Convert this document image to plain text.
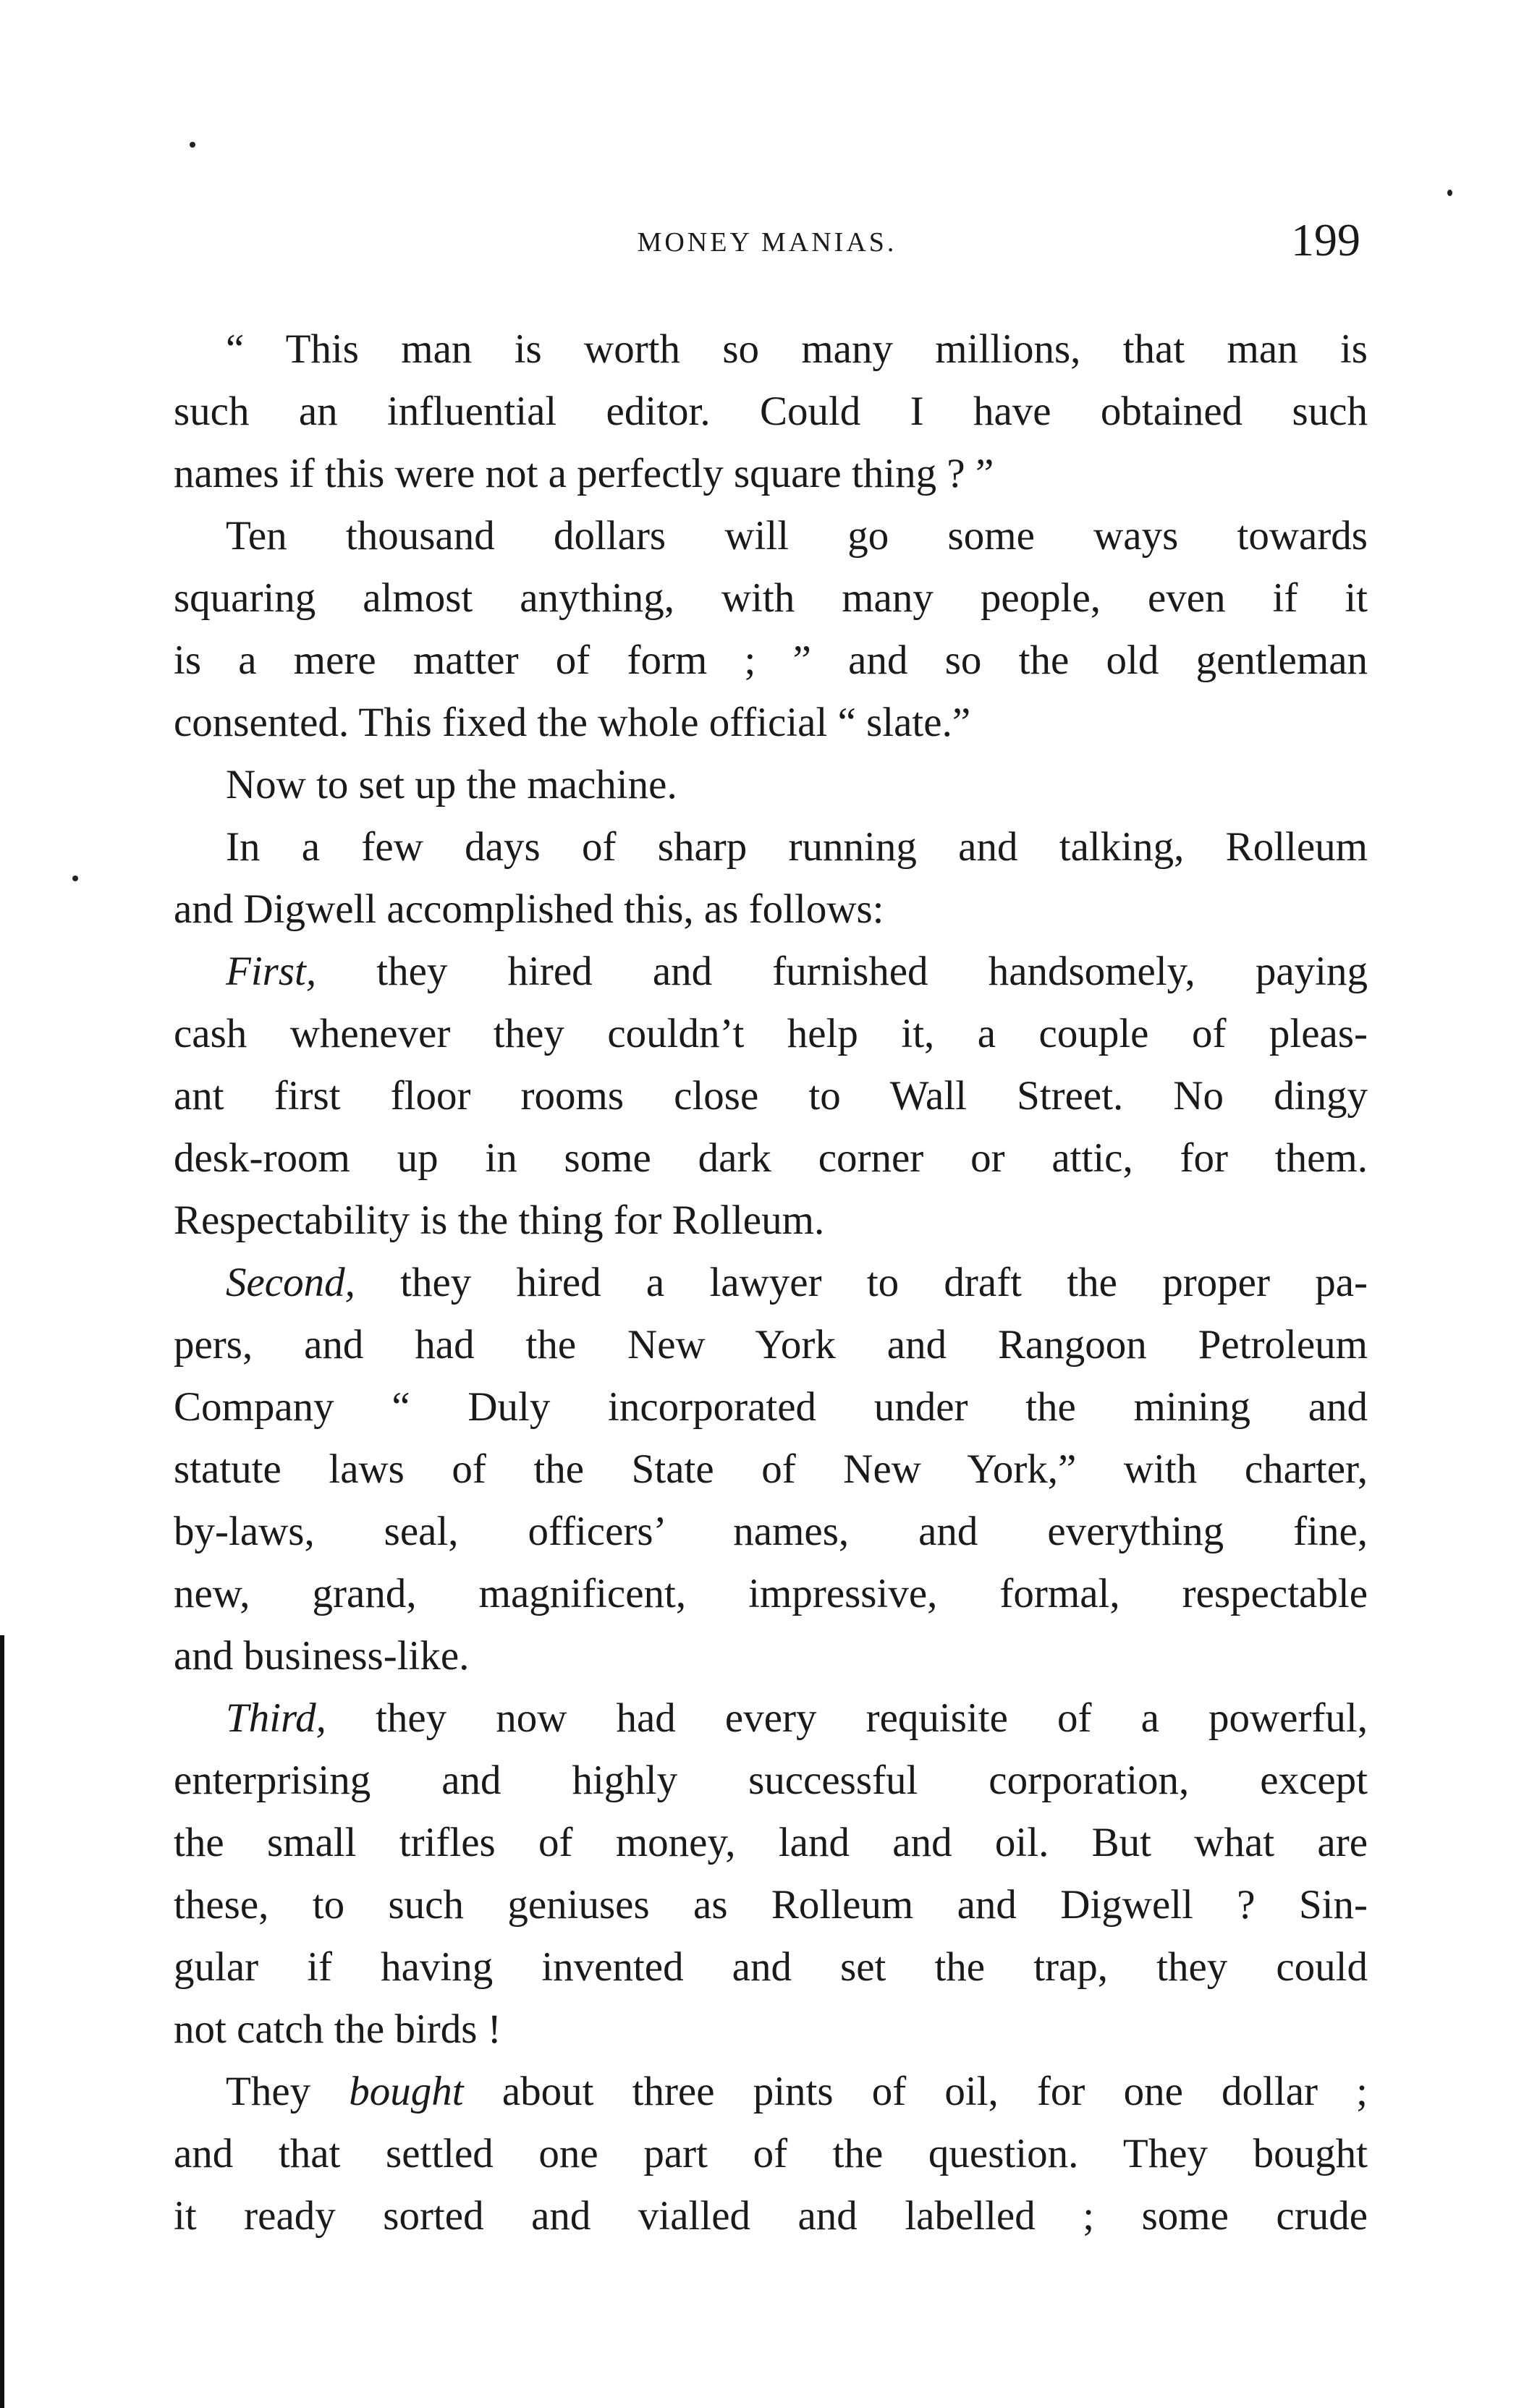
MONEY MANIAS.	199
“ This man is worth so many millions, that man is
such an influential editor. Could I have obtained such
names if this were not a perfectly square thing ? ”
Ten thousand dollars will go some ways towards
squaring almost anything, with many people, even if it
is a mere matter of form ; ” and so the old gentleman
consented. This fixed the whole official “ slate.”
Now to set up the machine.
In a few days of sharp running and talking, Rolleum
and Digwell accomplished this, as follows:
First, they hired and furnished handsomely, paying
cash whenever they couldn’t help it, a couple of pleas-
ant first floor rooms close to Wall Street. No dingy
desk-room up in some dark corner or attic, for them.
Respectability is the thing for Rolleum.
Second, they hired a lawyer to draft the proper pa-
pers, and had the New York and Rangoon Petroleum
Company “ Duly incorporated under the mining and
statute laws of the State of New York,” with charter,
by-laws, seal, officers’ names, and everything fine,
new, grand, magnificent, impressive, formal, respectable
and business-like.
Third, they now had every requisite of a powerful,
enterprising and highly successful corporation, except
the small trifles of money, land and oil. But what are
these, to such geniuses as Rolleum and Digwell ? Sin-
gular if having invented and set the trap, they could
not catch the birds !
They bought about three pints of oil, for one dollar ;
and that settled one part of the question. They bought
it ready sorted and vialled and labelled ; some crude
